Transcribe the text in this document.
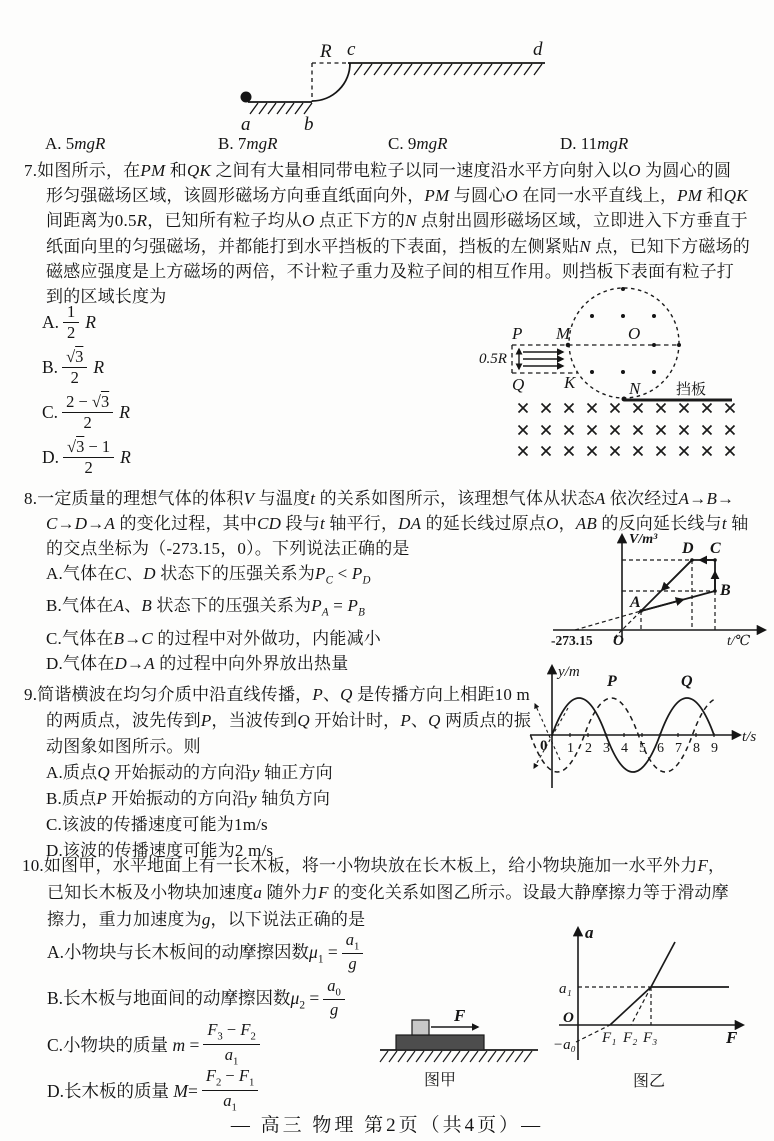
R c	d
a	b
A. 5mgR	B. 7mgR	C. 9mgR	D. 11mgR
7.如图所示，在PM 和QK 之间有大量相同带电粒子以同一速度沿水平方向射入以O 为圆心的圆
形匀强磁场区域，该圆形磁场方向垂直纸面向外，PM 与圆心O 在同一水平直线上，PM 和QK
间距离为0.5R，已知所有粒子均从O 点正下方的N 点射出圆形磁场区域，立即进入下方垂直于
纸面向里的匀强磁场，并都能打到水平挡板的下表面，挡板的左侧紧贴N 点，已知下方磁场的
磁感应强度是上方磁场的两倍，不计粒子重力及粒子间的相互作用。则挡板下表面有粒子打
到的区域长度为
A. $\frac{1}{2}$ R
B. $\frac{√3}{2}$ R
C. $\frac{2 - √3}{2}$ R
D. $\frac{√3 - 1}{2}$ R
P M	O
Q K	N
0.5R
挡板
8.一定质量的理想气体的体积V 与温度t 的关系如图所示，该理想气体从状态A 依次经过A→B→
C→D→A 的变化过程，其中CD 段与t 轴平行，DA 的延长线过原点O，AB 的反向延长线与t 轴
的交点坐标为（-273.15，0）。下列说法正确的是
A.气体在C、D 状态下的压强关系为$P_C < P_D$
B.气体在A、B 状态下的压强关系为$P_A = P_B$
C.气体在B→C 的过程中对外做功，内能减小
D.气体在D→A 的过程中向外界放出热量
V/m³
D C
B
A
O
-273.15	t/℃
9.简谐横波在均匀介质中沿直线传播，P、Q 是传播方向上相距10 m
的两质点，波先传到P，当波传到Q 开始计时，P、Q 两质点的振
动图象如图所示。则
A.质点Q 开始振动的方向沿y 轴正方向
B.质点P 开始振动的方向沿y 轴负方向
C.该波的传播速度可能为1m/s
D.该波的传播速度可能为2 m/s
y/m
t/s
0
P	Q
1 2 3 4 5 6 7 8 9
10.如图甲，水平地面上有一长木板，将一小物块放在长木板上，给小物块施加一水平外力F，
已知长木板及小物块加速度a 随外力F 的变化关系如图乙所示。设最大静摩擦力等于滑动摩
擦力，重力加速度为g，以下说法正确的是
A.小物块与长木板间的动摩擦因数$\mu_1 = \frac{a_1}{g}$
B.长木板与地面间的动摩擦因数$\mu_2 = \frac{a_0}{g}$
C.小物块的质量 $m = \frac{F_3 - F_2}{a_1}$
D.长木板的质量 $M= \frac{F_2 - F_1}{a_1}$
F
图甲
a
F
O
a₁
−a₀ F₁ F₂ F₃
图乙
— 高三 物理 第2页（共4页）—
